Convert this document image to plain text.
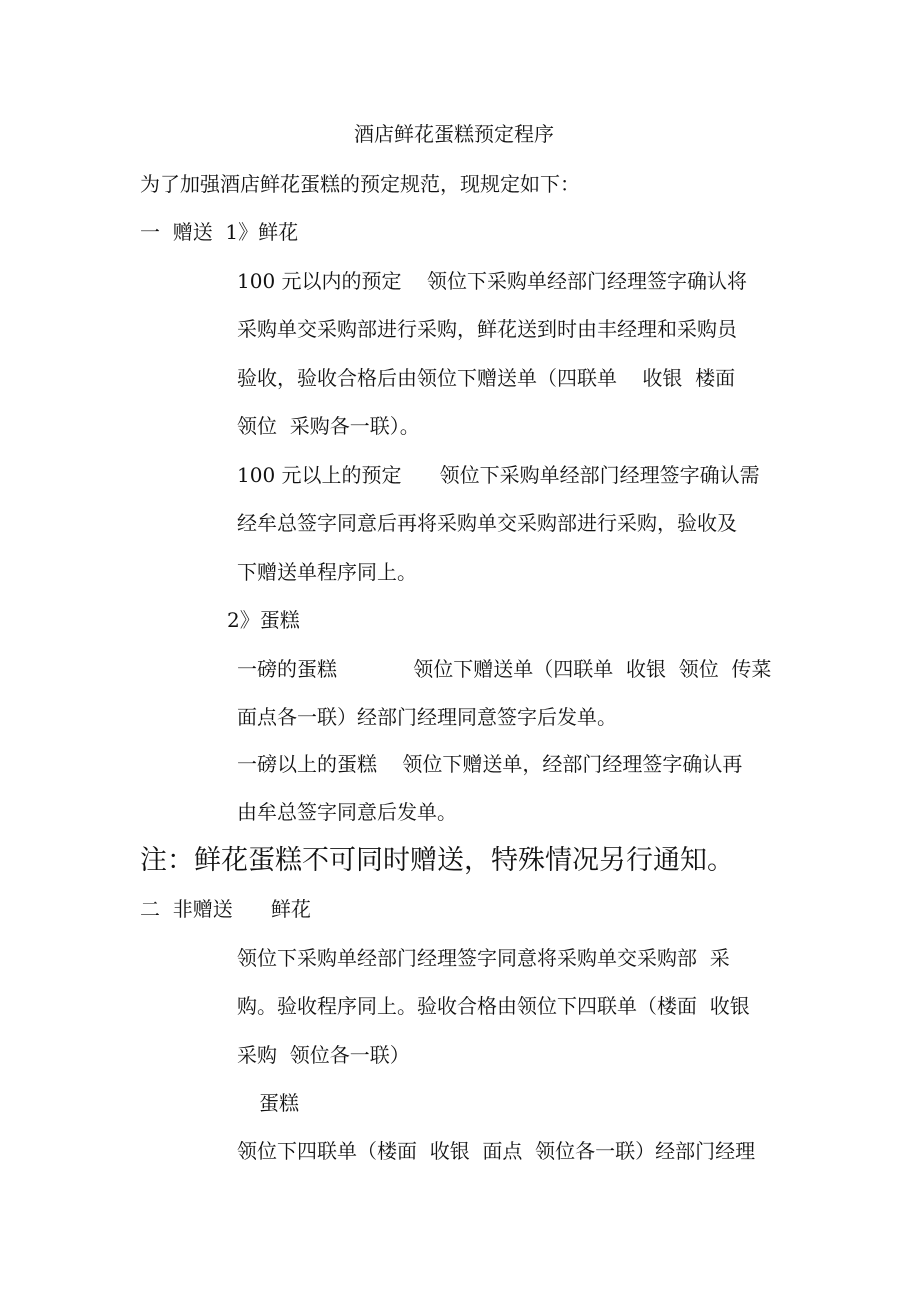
酒店鲜花蛋糕预定程序

为了加强酒店鲜花蛋糕的预定规范，现规定如下：

一  赠送  1》鲜花

100 元以内的预定    领位下采购单经部门经理签字确认将

采购单交采购部进行采购，鲜花送到时由丰经理和采购员

验收，验收合格后由领位下赠送单（四联单    收银  楼面

领位  采购各一联）。

100 元以上的预定      领位下采购单经部门经理签字确认需

经牟总签字同意后再将采购单交采购部进行采购，验收及

下赠送单程序同上。

2》蛋糕

一磅的蛋糕            领位下赠送单（四联单  收银  领位  传菜

面点各一联）经部门经理同意签字后发单。

一磅以上的蛋糕    领位下赠送单，经部门经理签字确认再

由牟总签字同意后发单。

注：鲜花蛋糕不可同时赠送，特殊情况另行通知。

二  非赠送      鲜花

领位下采购单经部门经理签字同意将采购单交采购部  采

购。验收程序同上。验收合格由领位下四联单（楼面  收银

采购  领位各一联）

蛋糕

领位下四联单（楼面  收银  面点  领位各一联）经部门经理
